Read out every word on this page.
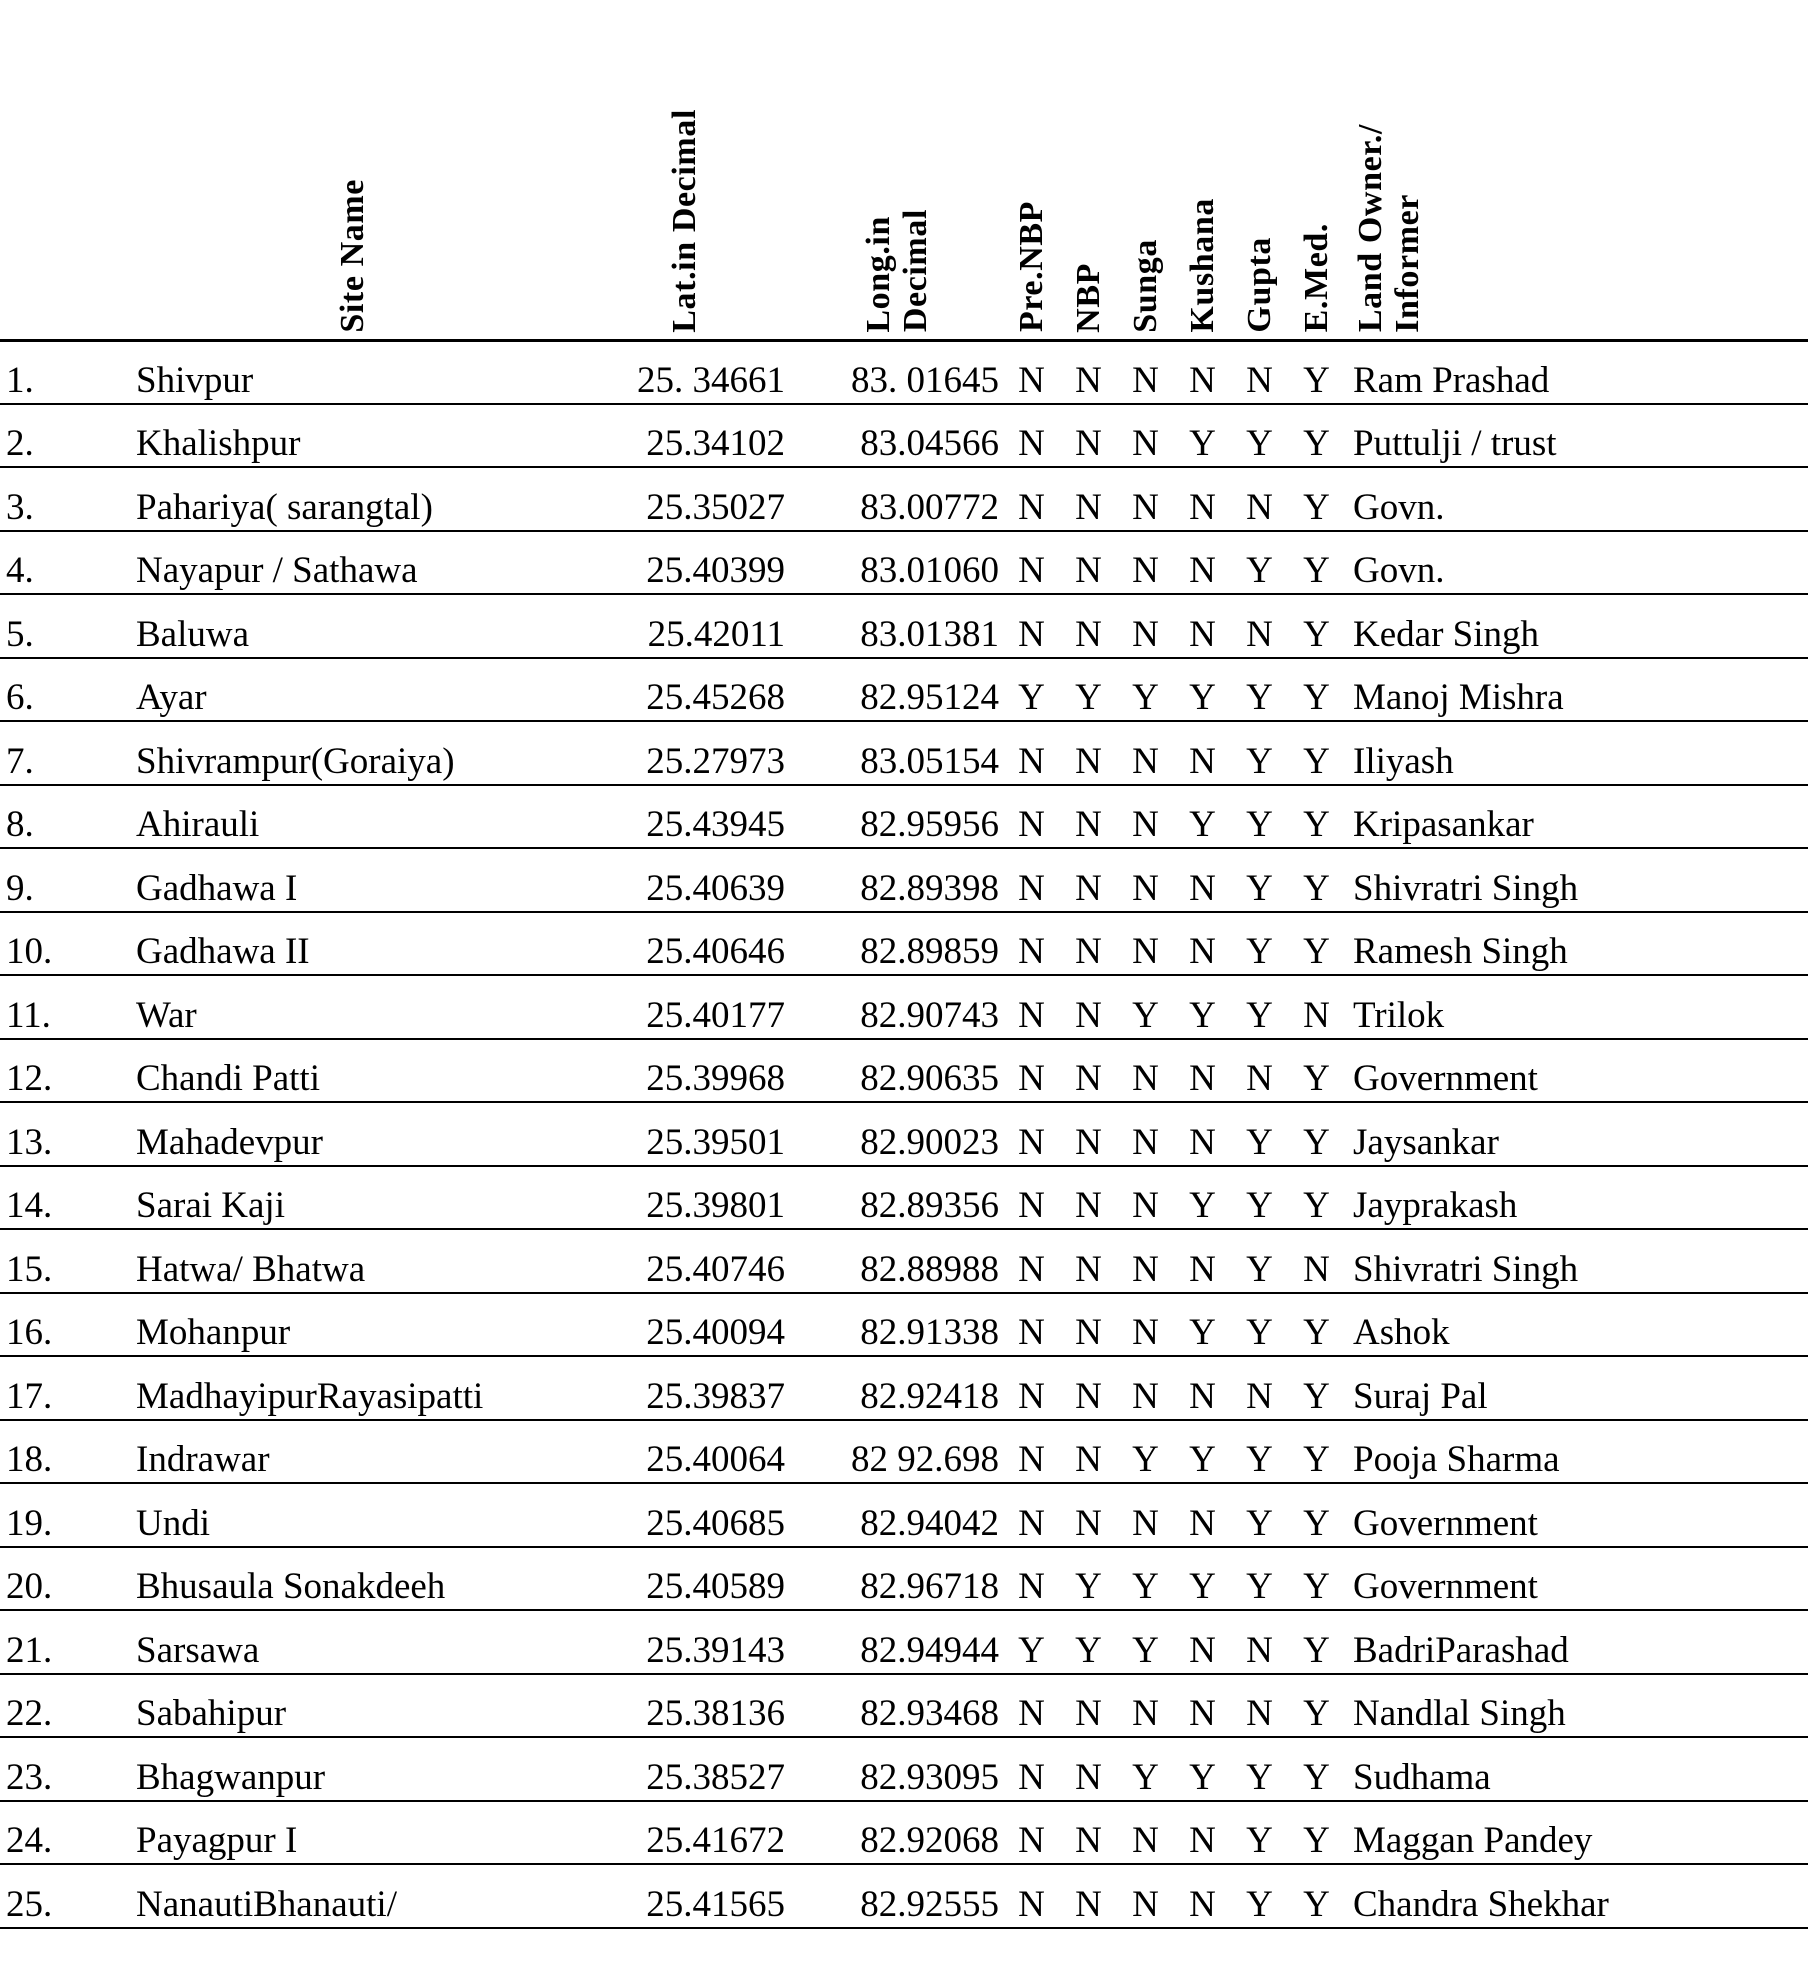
	Site Name	Lat.in Decimal	Long.in Decimal	Pre.NBP	NBP	Sunga	Kushana	Gupta	E.Med.	Land Owner./ Informer

1.	Shivpur	25. 34661	83. 01645	N	N	N	N	N	Y	Ram Prashad
2.	Khalishpur	25.34102	83.04566	N	N	N	Y	Y	Y	Puttulji / trust
3.	Pahariya( sarangtal)	25.35027	83.00772	N	N	N	N	N	Y	Govn.
4.	Nayapur / Sathawa	25.40399	83.01060	N	N	N	N	Y	Y	Govn.
5.	Baluwa	25.42011	83.01381	N	N	N	N	N	Y	Kedar Singh
6.	Ayar	25.45268	82.95124	Y	Y	Y	Y	Y	Y	Manoj Mishra
7.	Shivrampur(Goraiya)	25.27973	83.05154	N	N	N	N	Y	Y	Iliyash
8.	Ahirauli	25.43945	82.95956	N	N	N	Y	Y	Y	Kripasankar
9.	Gadhawa I	25.40639	82.89398	N	N	N	N	Y	Y	Shivratri Singh
10.	Gadhawa II	25.40646	82.89859	N	N	N	N	Y	Y	Ramesh Singh
11.	War	25.40177	82.90743	N	N	Y	Y	Y	N	Trilok
12.	Chandi Patti	25.39968	82.90635	N	N	N	N	N	Y	Government
13.	Mahadevpur	25.39501	82.90023	N	N	N	N	Y	Y	Jaysankar
14.	Sarai Kaji	25.39801	82.89356	N	N	N	Y	Y	Y	Jayprakash
15.	Hatwa/ Bhatwa	25.40746	82.88988	N	N	N	N	Y	N	Shivratri Singh
16.	Mohanpur	25.40094	82.91338	N	N	N	Y	Y	Y	Ashok
17.	MadhayipurRayasipatti	25.39837	82.92418	N	N	N	N	N	Y	Suraj Pal
18.	Indrawar	25.40064	82 92.698	N	N	Y	Y	Y	Y	Pooja Sharma
19.	Undi	25.40685	82.94042	N	N	N	N	Y	Y	Government
20.	Bhusaula Sonakdeeh	25.40589	82.96718	N	Y	Y	Y	Y	Y	Government
21.	Sarsawa	25.39143	82.94944	Y	Y	Y	N	N	Y	BadriParashad
22.	Sabahipur	25.38136	82.93468	N	N	N	N	N	Y	Nandlal Singh
23.	Bhagwanpur	25.38527	82.93095	N	N	Y	Y	Y	Y	Sudhama
24.	Payagpur I	25.41672	82.92068	N	N	N	N	Y	Y	Maggan Pandey
25.	NanautiBhanauti/	25.41565	82.92555	N	N	N	N	Y	Y	Chandra Shekhar
